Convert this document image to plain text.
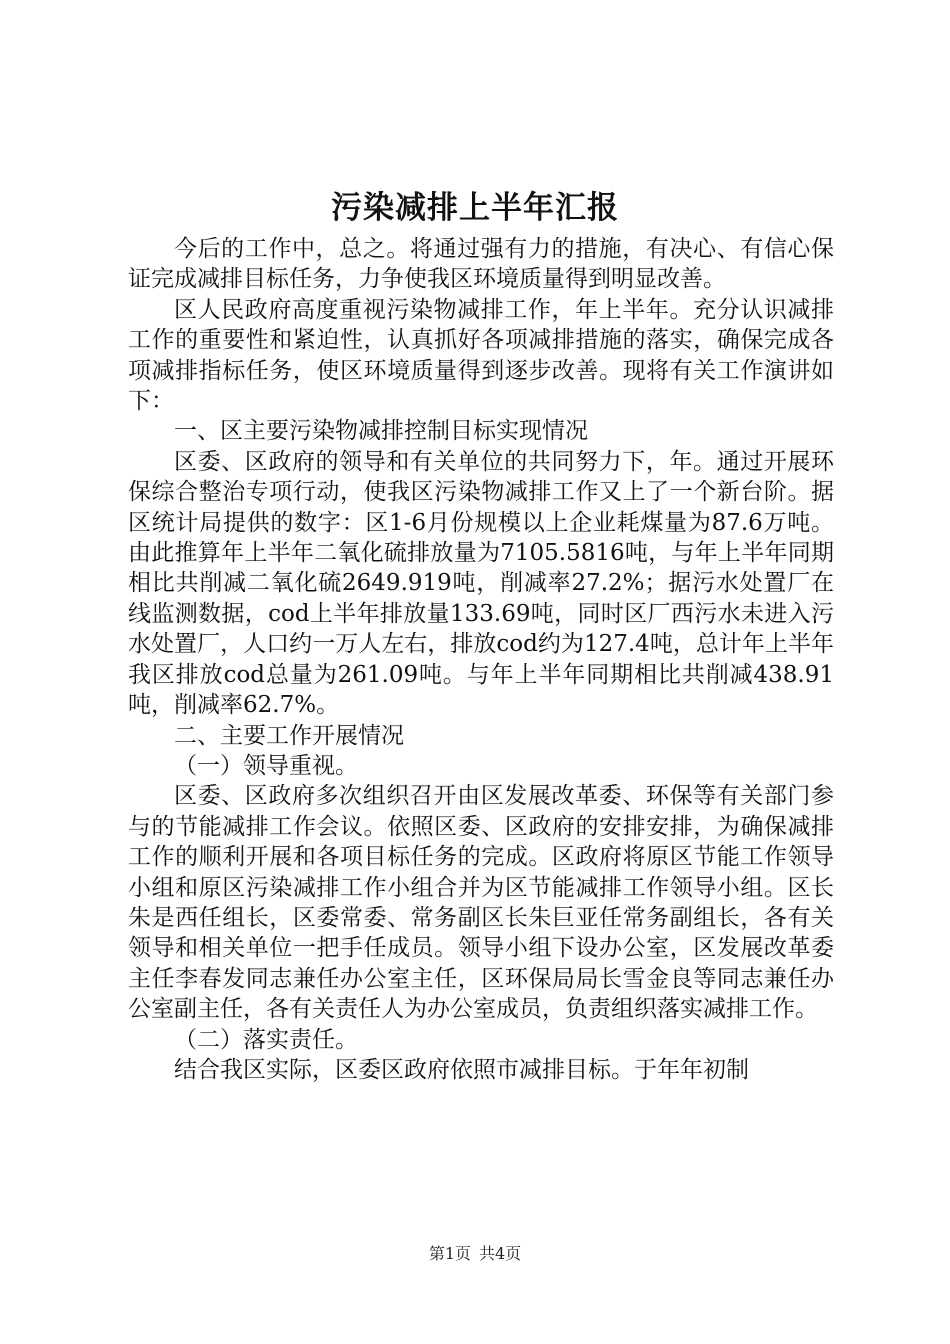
污染减排上半年汇报

今后的工作中，总之。将通过强有力的措施，有决心、有信心保证完成减排目标任务，力争使我区环境质量得到明显改善。

区人民政府高度重视污染物减排工作，年上半年。充分认识减排工作的重要性和紧迫性，认真抓好各项减排措施的落实，确保完成各项减排指标任务，使区环境质量得到逐步改善。现将有关工作演讲如下：

一、区主要污染物减排控制目标实现情况

区委、区政府的领导和有关单位的共同努力下，年。通过开展环保综合整治专项行动，使我区污染物减排工作又上了一个新台阶。据区统计局提供的数字：区1-6月份规模以上企业耗煤量为87.6万吨。由此推算年上半年二氧化硫排放量为7105.5816吨，与年上半年同期相比共削减二氧化硫2649.919吨，削减率27.2%；据污水处置厂在线监测数据，cod上半年排放量133.69吨，同时区厂西污水未进入污水处置厂，人口约一万人左右，排放cod约为127.4吨，总计年上半年我区排放cod总量为261.09吨。与年上半年同期相比共削减438.91吨，削减率62.7%。

二、主要工作开展情况

（一）领导重视。

区委、区政府多次组织召开由区发展改革委、环保等有关部门参与的节能减排工作会议。依照区委、区政府的安排安排，为确保减排工作的顺利开展和各项目标任务的完成。区政府将原区节能工作领导小组和原区污染减排工作小组合并为区节能减排工作领导小组。区长朱是西任组长，区委常委、常务副区长朱巨亚任常务副组长，各有关领导和相关单位一把手任成员。领导小组下设办公室，区发展改革委主任李春发同志兼任办公室主任，区环保局局长雪金良等同志兼任办公室副主任，各有关责任人为办公室成员，负责组织落实减排工作。

（二）落实责任。

结合我区实际，区委区政府依照市减排目标。于年年初制

第1页 共4页
